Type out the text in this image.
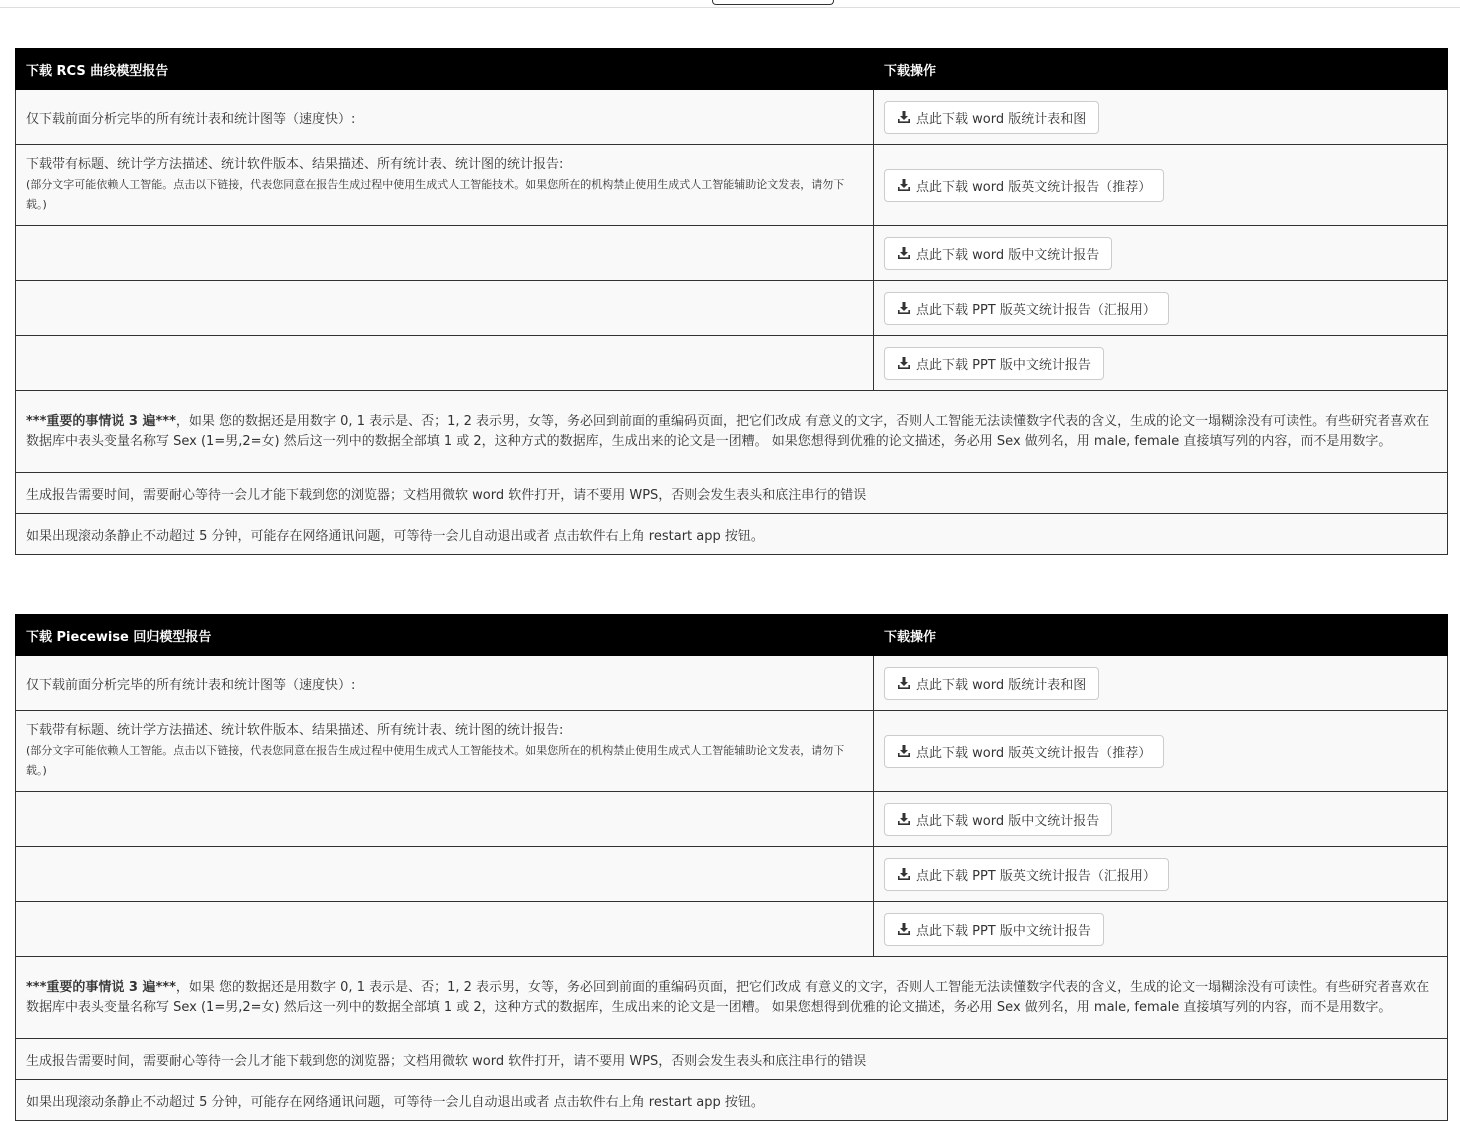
下载 RCS 曲线模型报告	下载操作
仅下载前面分析完毕的所有统计表和统计图等（速度快）:	点此下载 word 版统计表和图

下载带有标题、统计学方法描述、统计软件版本、结果描述、所有统计表、统计图的统计报告:
(部分文字可能依赖人工智能。点击以下链接，代表您同意在报告生成过程中使用生成式人工智能技术。如果您所在的机构禁止使用生成式人工智能辅助论文发表，请勿下载。)	点此下载 word 版英文统计报告（推荐）

	点此下载 word 版中文统计报告

	点此下载 PPT 版英文统计报告（汇报用）

	点此下载 PPT 版中文统计报告

***重要的事情说 3 遍***，如果 您的数据还是用数字 0, 1 表示是、否；1, 2 表示男，女等，务必回到前面的重编码页面，把它们改成 有意义的文字，否则人工智能无法读懂数字代表的含义，生成的论文一塌糊涂没有可读性。有些研究者喜欢在数据库中表头变量名称写 Sex (1=男,2=女) 然后这一列中的数据全部填 1 或 2，这种方式的数据库，生成出来的论文是一团糟。 如果您想得到优雅的论文描述，务必用 Sex 做列名，用 male, female 直接填写列的内容，而不是用数字。	

生成报告需要时间，需要耐心等待一会儿才能下载到您的浏览器；文档用微软 word 软件打开，请不要用 WPS，否则会发生表头和底注串行的错误	
如果出现滚动条静止不动超过 5 分钟，可能存在网络通讯问题，可等待一会儿自动退出或者 点击软件右上角 restart app 按钮。	
下载 Piecewise 回归模型报告	下载操作
仅下载前面分析完毕的所有统计表和统计图等（速度快）:	点此下载 word 版统计表和图

下载带有标题、统计学方法描述、统计软件版本、结果描述、所有统计表、统计图的统计报告:
(部分文字可能依赖人工智能。点击以下链接，代表您同意在报告生成过程中使用生成式人工智能技术。如果您所在的机构禁止使用生成式人工智能辅助论文发表，请勿下载。)	点此下载 word 版英文统计报告（推荐）

	点此下载 word 版中文统计报告

	点此下载 PPT 版英文统计报告（汇报用）

	点此下载 PPT 版中文统计报告

***重要的事情说 3 遍***，如果 您的数据还是用数字 0, 1 表示是、否；1, 2 表示男，女等，务必回到前面的重编码页面，把它们改成 有意义的文字，否则人工智能无法读懂数字代表的含义，生成的论文一塌糊涂没有可读性。有些研究者喜欢在数据库中表头变量名称写 Sex (1=男,2=女) 然后这一列中的数据全部填 1 或 2，这种方式的数据库，生成出来的论文是一团糟。 如果您想得到优雅的论文描述，务必用 Sex 做列名，用 male, female 直接填写列的内容，而不是用数字。	

生成报告需要时间，需要耐心等待一会儿才能下载到您的浏览器；文档用微软 word 软件打开，请不要用 WPS，否则会发生表头和底注串行的错误	
如果出现滚动条静止不动超过 5 分钟，可能存在网络通讯问题，可等待一会儿自动退出或者 点击软件右上角 restart app 按钮。	
